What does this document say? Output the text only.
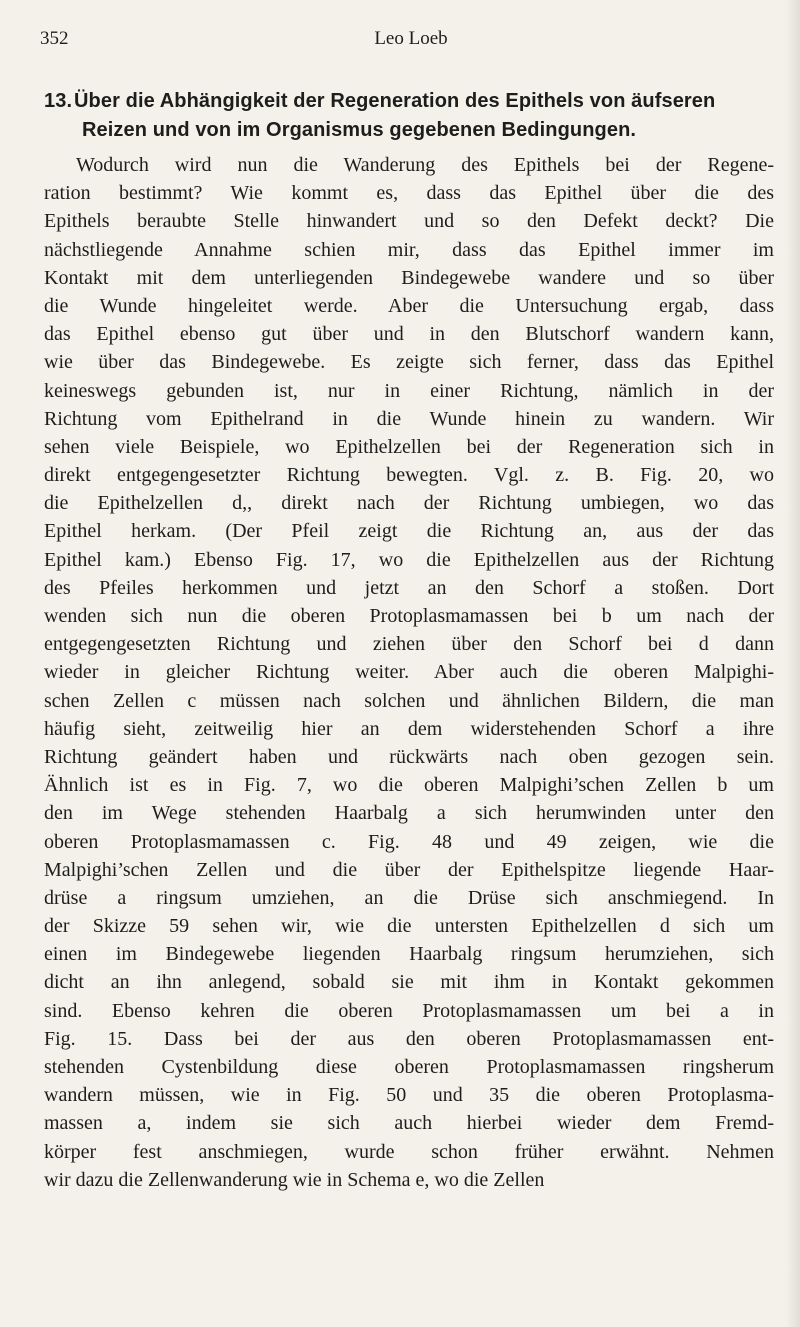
352	Leo Loeb
13.Über die Abhängigkeit der Regeneration des Epithels von äufseren
Reizen und von im Organismus gegebenen Bedingungen.
Wodurch wird nun die Wanderung des Epithels bei der Regene-
ration bestimmt? Wie kommt es, dass das Epithel über die des
Epithels beraubte Stelle hinwandert und so den Defekt deckt? Die
nächstliegende Annahme schien mir, dass das Epithel immer im
Kontakt mit dem unterliegenden Bindegewebe wandere und so über
die Wunde hingeleitet werde. Aber die Untersuchung ergab, dass
das Epithel ebenso gut über und in den Blutschorf wandern kann,
wie über das Bindegewebe. Es zeigte sich ferner, dass das Epithel
keineswegs gebunden ist, nur in einer Richtung, nämlich in der
Richtung vom Epithelrand in die Wunde hinein zu wandern. Wir
sehen viele Beispiele, wo Epithelzellen bei der Regeneration sich in
direkt entgegengesetzter Richtung bewegten. Vgl. z. B. Fig. 20, wo
die Epithelzellen d,, direkt nach der Richtung umbiegen, wo das
Epithel herkam. (Der Pfeil zeigt die Richtung an, aus der das
Epithel kam.) Ebenso Fig. 17, wo die Epithelzellen aus der Richtung
des Pfeiles herkommen und jetzt an den Schorf a stoßen. Dort
wenden sich nun die oberen Protoplasmamassen bei b um nach der
entgegengesetzten Richtung und ziehen über den Schorf bei d dann
wieder in gleicher Richtung weiter. Aber auch die oberen Malpighi-
schen Zellen c müssen nach solchen und ähnlichen Bildern, die man
häufig sieht, zeitweilig hier an dem widerstehenden Schorf a ihre
Richtung geändert haben und rückwärts nach oben gezogen sein.
Ähnlich ist es in Fig. 7, wo die oberen Malpighi’schen Zellen b um
den im Wege stehenden Haarbalg a sich herumwinden unter den
oberen Protoplasmamassen c. Fig. 48 und 49 zeigen, wie die
Malpighi’schen Zellen und die über der Epithelspitze liegende Haar-
drüse a ringsum umziehen, an die Drüse sich anschmiegend. In
der Skizze 59 sehen wir, wie die untersten Epithelzellen d sich um
einen im Bindegewebe liegenden Haarbalg ringsum herumziehen, sich
dicht an ihn anlegend, sobald sie mit ihm in Kontakt gekommen
sind. Ebenso kehren die oberen Protoplasmamassen um bei a in
Fig. 15. Dass bei der aus den oberen Protoplasmamassen ent-
stehenden Cystenbildung diese oberen Protoplasmamassen ringsherum
wandern müssen, wie in Fig. 50 und 35 die oberen Protoplasma-
massen a, indem sie sich auch hierbei wieder dem Fremd-
körper fest anschmiegen, wurde schon früher erwähnt. Nehmen
wir dazu die Zellenwanderung wie in Schema e, wo die Zellen
